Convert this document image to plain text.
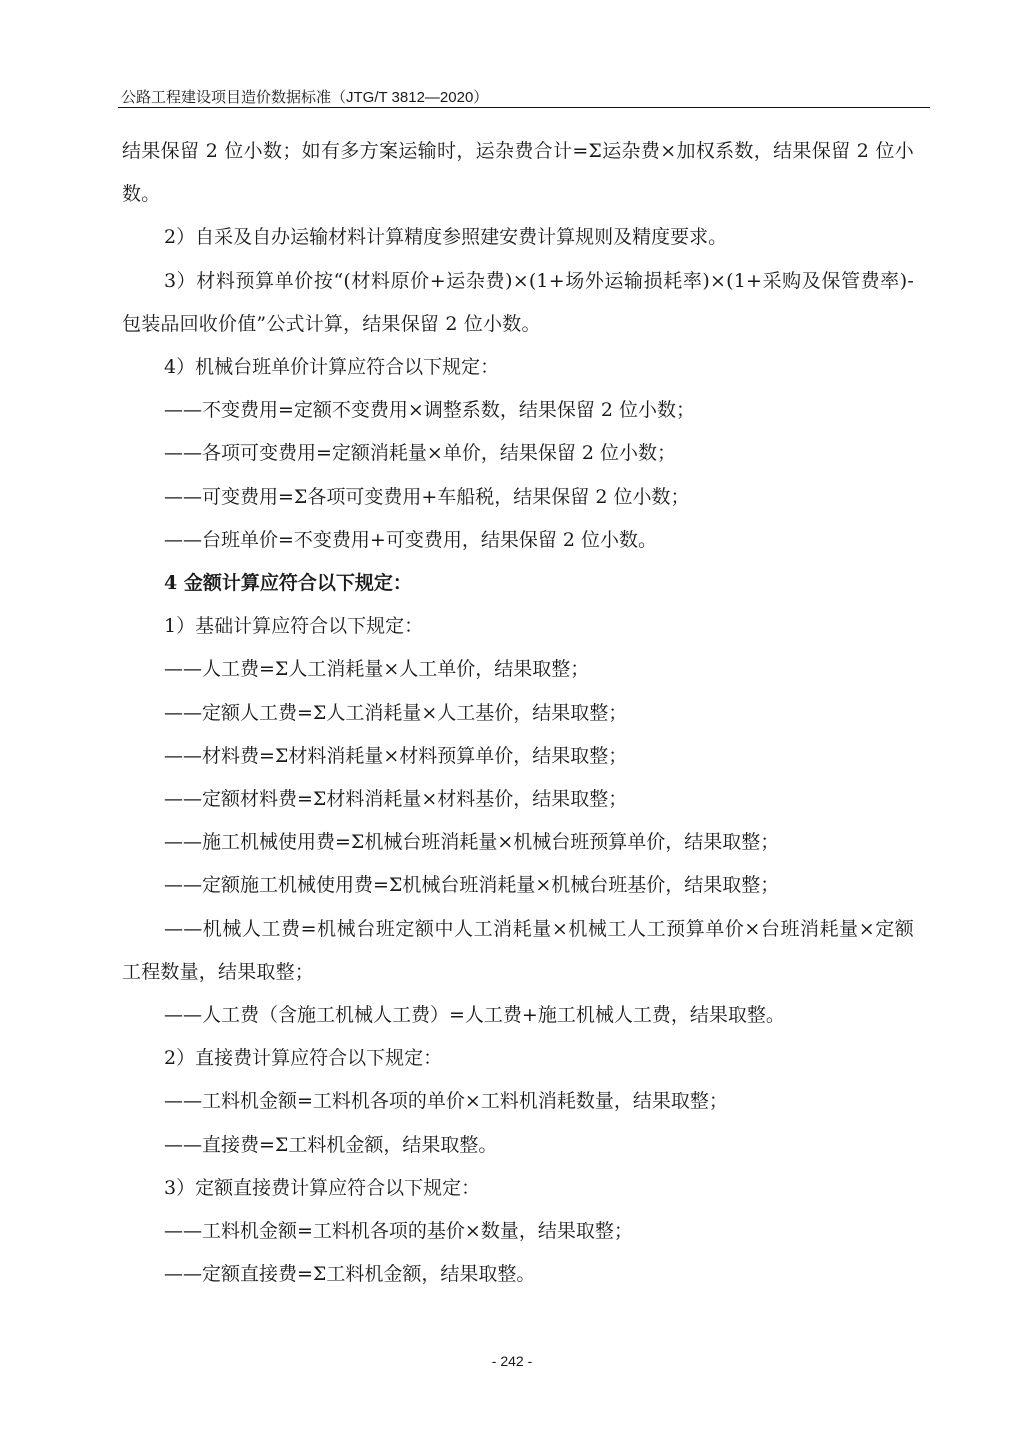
公路工程建设项目造价数据标准（JTG/T 3812—2020）

结果保留 2 位小数；如有多方案运输时，运杂费合计=Σ运杂费×加权系数，结果保留 2 位小数。

2）自采及自办运输材料计算精度参照建安费计算规则及精度要求。

3）材料预算单价按“(材料原价+运杂费)×(1+场外运输损耗率)×(1+采购及保管费率)-包装品回收价值”公式计算，结果保留 2 位小数。

4）机械台班单价计算应符合以下规定：

——不变费用=定额不变费用×调整系数，结果保留 2 位小数；

——各项可变费用=定额消耗量×单价，结果保留 2 位小数；

——可变费用=Σ各项可变费用+车船税，结果保留 2 位小数；

——台班单价=不变费用+可变费用，结果保留 2 位小数。

4 金额计算应符合以下规定：

1）基础计算应符合以下规定：

——人工费=Σ人工消耗量×人工单价，结果取整；

——定额人工费=Σ人工消耗量×人工基价，结果取整；

——材料费=Σ材料消耗量×材料预算单价，结果取整；

——定额材料费=Σ材料消耗量×材料基价，结果取整；

——施工机械使用费=Σ机械台班消耗量×机械台班预算单价，结果取整；

——定额施工机械使用费=Σ机械台班消耗量×机械台班基价，结果取整；

——机械人工费=机械台班定额中人工消耗量×机械工人工预算单价×台班消耗量×定额工程数量，结果取整；

——人工费（含施工机械人工费）=人工费+施工机械人工费，结果取整。

2）直接费计算应符合以下规定：

——工料机金额=工料机各项的单价×工料机消耗数量，结果取整；

——直接费=Σ工料机金额，结果取整。

3）定额直接费计算应符合以下规定：

——工料机金额=工料机各项的基价×数量，结果取整；

——定额直接费=Σ工料机金额，结果取整。

- 242 -
